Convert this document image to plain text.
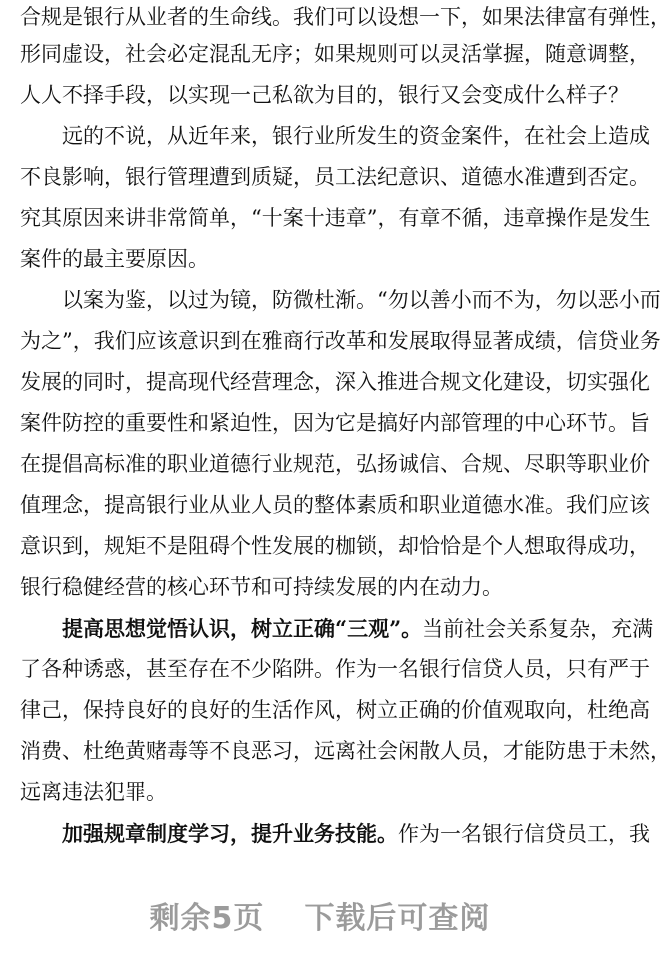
合规是银行从业者的生命线。我们可以设想一下，如果法律富有弹性，
形同虚设，社会必定混乱无序；如果规则可以灵活掌握，随意调整，
人人不择手段，以实现一己私欲为目的，银行又会变成什么样子？
远的不说，从近年来，银行业所发生的资金案件，在社会上造成
不良影响，银行管理遭到质疑，员工法纪意识、道德水准遭到否定。
究其原因来讲非常简单，“十案十违章”，有章不循，违章操作是发生
案件的最主要原因。
以案为鉴，以过为镜，防微杜渐。“勿以善小而不为，勿以恶小而
为之”，我们应该意识到在雅商行改革和发展取得显著成绩，信贷业务
发展的同时，提高现代经营理念，深入推进合规文化建设，切实强化
案件防控的重要性和紧迫性，因为它是搞好内部管理的中心环节。旨
在提倡高标准的职业道德行业规范，弘扬诚信、合规、尽职等职业价
值理念，提高银行业从业人员的整体素质和职业道德水准。我们应该
意识到，规矩不是阻碍个性发展的枷锁，却恰恰是个人想取得成功，
银行稳健经营的核心环节和可持续发展的内在动力。
提高思想觉悟认识，树立正确“三观”。当前社会关系复杂，充满
了各种诱惑，甚至存在不少陷阱。作为一名银行信贷人员，只有严于
律己，保持良好的良好的生活作风，树立正确的价值观取向，杜绝高
消费、杜绝黄赌毒等不良恶习，远离社会闲散人员，才能防患于未然，
远离违法犯罪。
加强规章制度学习，提升业务技能。作为一名银行信贷员工，我
剩余5页 下载后可查阅
